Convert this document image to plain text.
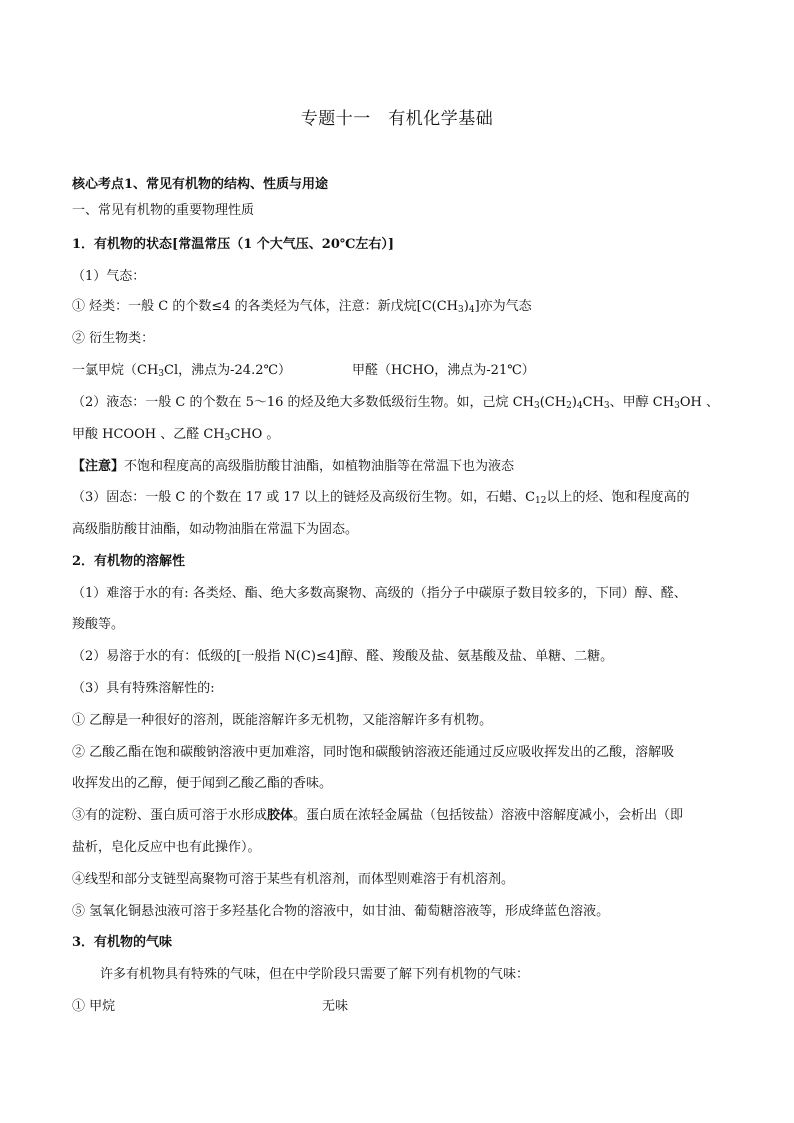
专题十一　有机化学基础
核心考点1、常见有机物的结构、性质与用途
一、常见有机物的重要物理性质
1．有机物的状态[常温常压（1 个大气压、20℃左右）]
（1）气态：
① 烃类：一般 C 的个数≤4 的各类烃为气体，注意：新戊烷$[C(CH_3)_4]$亦为气态
② 衍生物类：
一氯甲烷（$CH_3Cl$，沸点为-24.2℃）	甲醛（HCHO，沸点为-21℃）
（2）液态：一般 C 的个数在 5～16 的烃及绝大多数低级衍生物。如，己烷 $CH_3(CH_2)_4CH_3$、甲醇 $CH_3OH$ 、
甲酸 HCOOH 、乙醛 $CH_3CHO$ 。
【注意】不饱和程度高的高级脂肪酸甘油酯，如植物油脂等在常温下也为液态
（3）固态：一般 C 的个数在 17 或 17 以上的链烃及高级衍生物。如，石蜡、$C_{12}$以上的烃、饱和程度高的
高级脂肪酸甘油酯，如动物油脂在常温下为固态。
2．有机物的溶解性
（1）难溶于水的有: 各类烃、酯、绝大多数高聚物、高级的（指分子中碳原子数目较多的，下同）醇、醛、
羧酸等。
（2）易溶于水的有：低级的[一般指 N(C)≤4]醇、醛、羧酸及盐、氨基酸及盐、单糖、二糖。
（3）具有特殊溶解性的:
① 乙醇是一种很好的溶剂，既能溶解许多无机物，又能溶解许多有机物。
② 乙酸乙酯在饱和碳酸钠溶液中更加难溶，同时饱和碳酸钠溶液还能通过反应吸收挥发出的乙酸，溶解吸
收挥发出的乙醇，便于闻到乙酸乙酯的香味。
③有的淀粉、蛋白质可溶于水形成胶体。蛋白质在浓轻金属盐（包括铵盐）溶液中溶解度减小，会析出（即
盐析，皂化反应中也有此操作）。
④线型和部分支链型高聚物可溶于某些有机溶剂，而体型则难溶于有机溶剂。
⑤ 氢氧化铜悬浊液可溶于多羟基化合物的溶液中，如甘油、葡萄糖溶液等，形成绛蓝色溶液。
3．有机物的气味
许多有机物具有特殊的气味，但在中学阶段只需要了解下列有机物的气味：
① 甲烷	无味
